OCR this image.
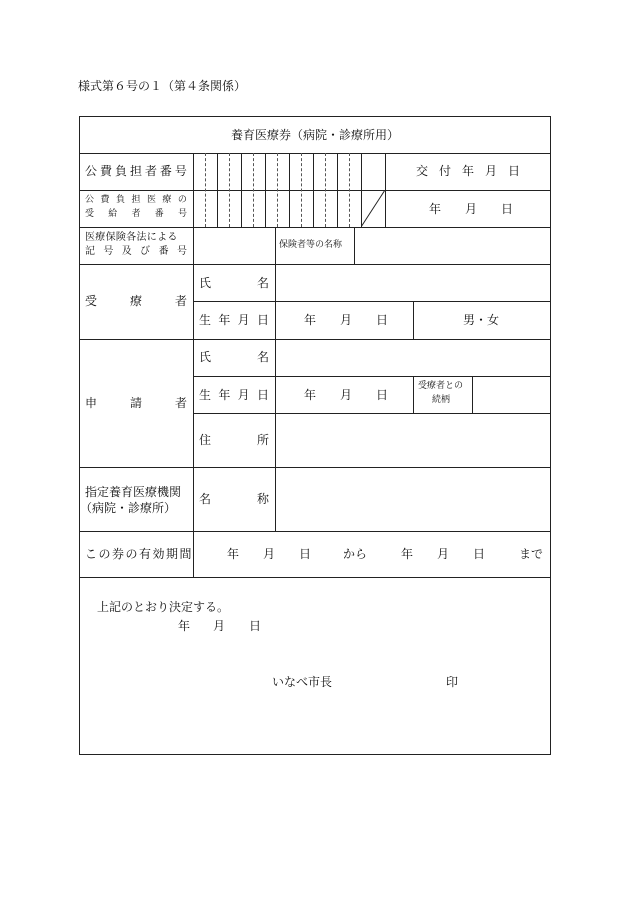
様式第６号の１（第４条関係）
養育医療券（病院・診療所用）
公 費 負 担 者 番 号	交 付 年 月 日
公 費 負 担 医 療 の
受 給 者 番 号	年 月 日
医療保険各法による
記 号 及 び 番 号
保険者等の名称
受	療	者
氏	名
生 年 月 日	年 月 日	男・女
申	請	者
氏	名
生 年 月 日	年 月 日
受療者との
続柄
住	所
指定養育医療機関
（病院・診療所）
名	称
この券の有効期間	年 月 日	から	年 月 日	まで
上記のとおり決定する。
年 月 日
いなべ市長	印
